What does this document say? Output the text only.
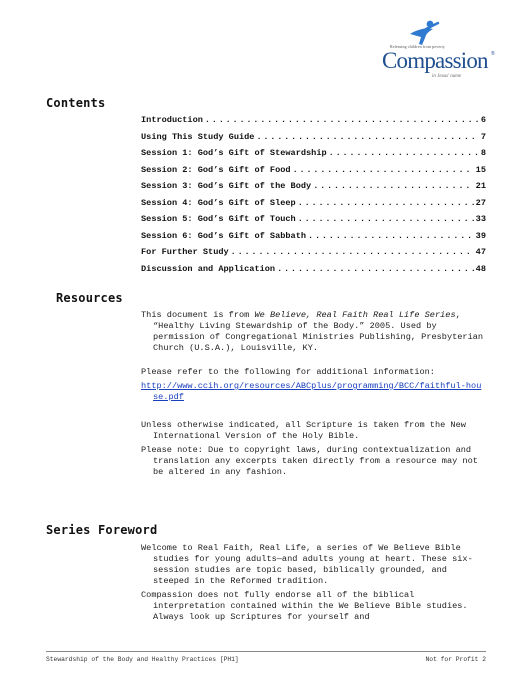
Releasing children from poverty
Compassion ®
in Jesus' name
Contents
Introduction . . .	6
Using This Study Guide . . .	7
Session 1: God’s Gift of Stewardship . . .	8
Session 2: God’s Gift of Food . . .	15
Session 3: God’s Gift of the Body . . .	21
Session 4: God’s Gift of Sleep . . .	27
Session 5: God’s Gift of Touch . . .	33
Session 6: God’s Gift of Sabbath . . .	39
For Further Study . . .	47
Discussion and Application . . .	48
Resources

This document is from We Believe, Real Faith Real Life Series, “Healthy Living Stewardship of the Body.” 2005. Used by permission of Congregational Ministries Publishing, Presbyterian Church (U.S.A.), Louisville, KY.

Please refer to the following for additional information:

http://www.ccih.org/resources/ABCplus/programming/BCC/faithful-house.pdf

Unless otherwise indicated, all Scripture is taken from the New International Version of the Holy Bible.

Please note: Due to copyright laws, during contextualization and translation any excerpts taken directly from a resource may not be altered in any fashion.

Series Foreword

Welcome to Real Faith, Real Life, a series of We Believe Bible studies for young adults—and adults young at heart. These six-session studies are topic based, biblically grounded, and steeped in the Reformed tradition.

Compassion does not fully endorse all of the biblical interpretation contained within the We Believe Bible studies. Always look up Scriptures for yourself and

Stewardship of the Body and Healthy Practices [PH1]	Not for Profit 2
